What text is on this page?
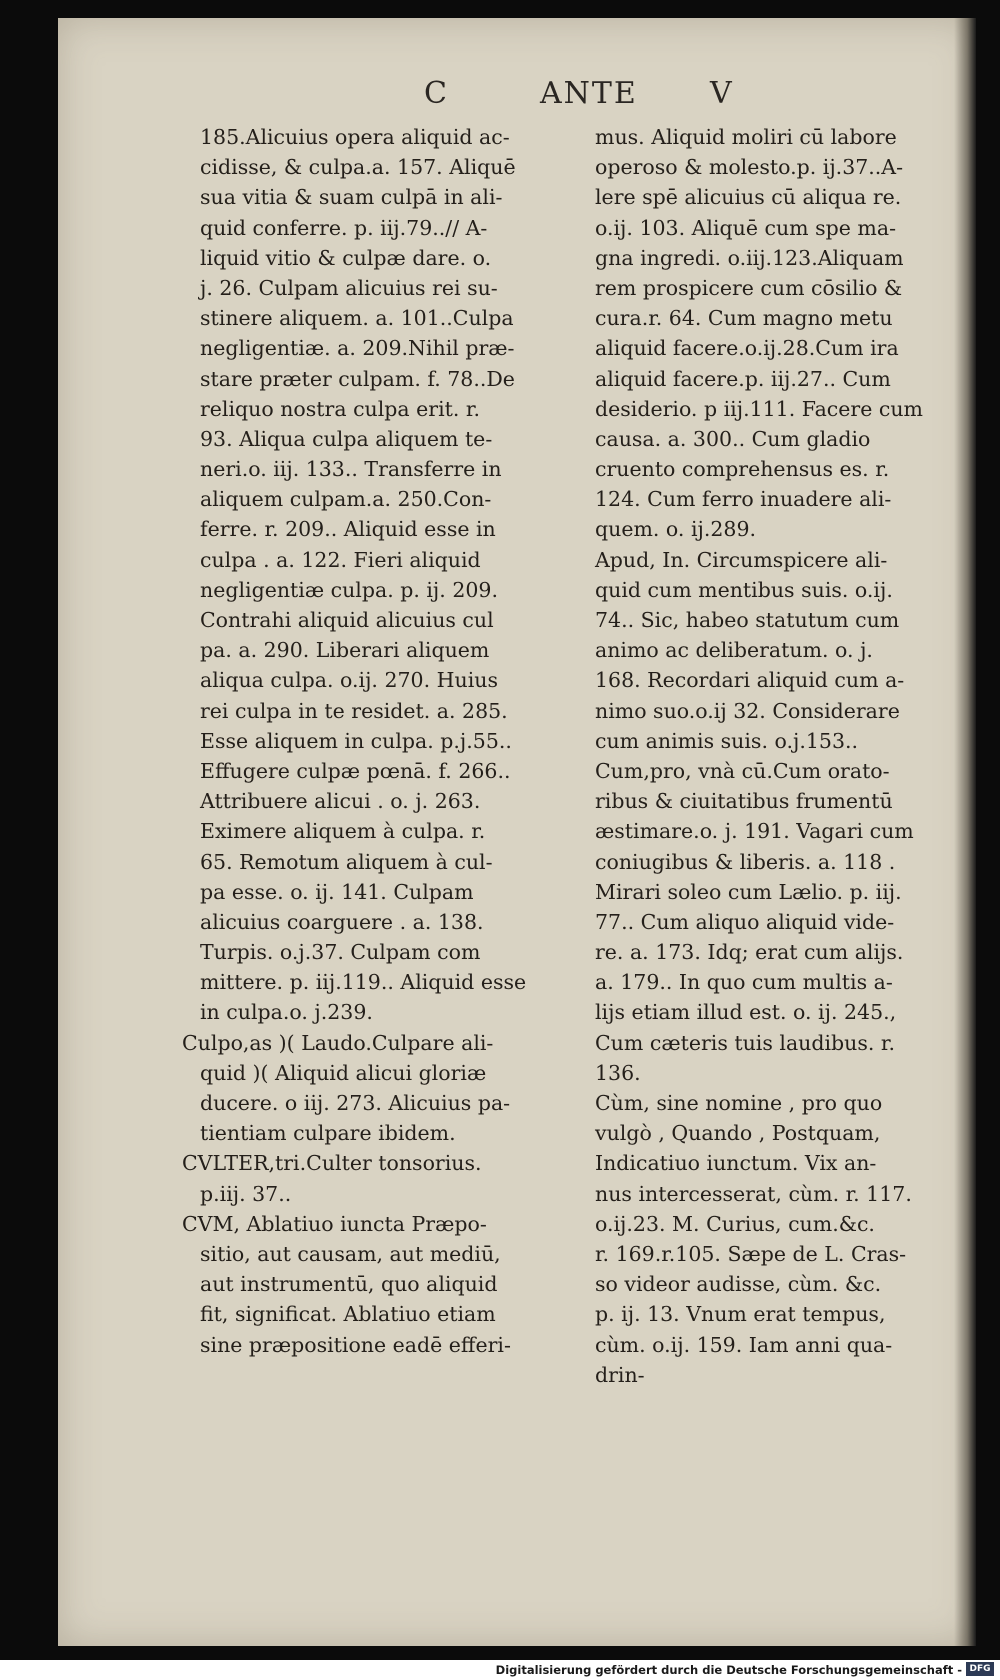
C	ANTE V
185.Alicuius opera aliquid ac-
cidisse, & culpa.a. 157. Aliquē
sua vitia & suam culpā in ali-
quid conferre. p. iij.79..// A-
liquid vitio & culpæ dare. o.
j. 26. Culpam alicuius rei su-
stinere aliquem. a. 101..Culpa
negligentiæ. a. 209.Nihil præ-
stare præter culpam. f. 78..De
reliquo nostra culpa erit. r.
93. Aliqua culpa aliquem te-
neri.o. iij. 133.. Transferre in
aliquem culpam.a. 250.Con-
ferre. r. 209.. Aliquid esse in
culpa . a. 122. Fieri aliquid
negligentiæ culpa. p. ij. 209.
Contrahi aliquid alicuius cul
pa. a. 290. Liberari aliquem
aliqua culpa. o.ij. 270. Huius
rei culpa in te residet. a. 285.
Esse aliquem in culpa. p.j.55..
Effugere culpæ pœnā. f. 266..
Attribuere alicui . o. j. 263.
Eximere aliquem à culpa. r.
65. Remotum aliquem à cul-
pa esse. o. ij. 141. Culpam
alicuius coarguere . a. 138.
Turpis. o.j.37. Culpam com
mittere. p. iij.119.. Aliquid esse
in culpa.o. j.239.
Culpo,as )( Laudo.Culpare ali-
quid )( Aliquid alicui gloriæ
ducere. o iij. 273. Alicuius pa-
tientiam culpare ibidem.
CVLTER,tri.Culter tonsorius.
p.iij. 37..
CVM, Ablatiuo iuncta Præpo-
sitio, aut causam, aut mediū,
aut instrumentū, quo aliquid
fit, significat. Ablatiuo etiam
sine præpositione eadē efferi-
mus. Aliquid moliri cū labore
operoso & molesto.p. ij.37..A-
lere spē alicuius cū aliqua re.
o.ij. 103. Aliquē cum spe ma-
gna ingredi. o.iij.123.Aliquam
rem prospicere cum cōsilio &
cura.r. 64. Cum magno metu
aliquid facere.o.ij.28.Cum ira
aliquid facere.p. iij.27.. Cum
desiderio. p iij.111. Facere cum
causa. a. 300.. Cum gladio
cruento comprehensus es. r.
124. Cum ferro inuadere ali-
quem. o. ij.289.
Apud, In. Circumspicere ali-
quid cum mentibus suis. o.ij.
74.. Sic, habeo statutum cum
animo ac deliberatum. o. j.
168. Recordari aliquid cum a-
nimo suo.o.ij 32. Considerare
cum animis suis. o.j.153..
Cum,pro, vnà cū.Cum orato-
ribus & ciuitatibus frumentū
æstimare.o. j. 191. Vagari cum
coniugibus & liberis. a. 118 .
Mirari soleo cum Lælio. p. iij.
77.. Cum aliquo aliquid vide-
re. a. 173. Idq; erat cum alijs.
a. 179.. In quo cum multis a-
lijs etiam illud est. o. ij. 245.,
Cum cæteris tuis laudibus. r.
136.
Cùm, sine nomine , pro quo
vulgò , Quando , Postquam,
Indicatiuo iunctum. Vix an-
nus intercesserat, cùm. r. 117.
o.ij.23. M. Curius, cum.&c.
r. 169.r.105. Sæpe de L. Cras-
so videor audisse, cùm. &c.
p. ij. 13. Vnum erat tempus,
cùm. o.ij. 159. Iam anni qua-
drin-
Digitalisierung gefördert durch die Deutsche Forschungsgemeinschaft - DFG
